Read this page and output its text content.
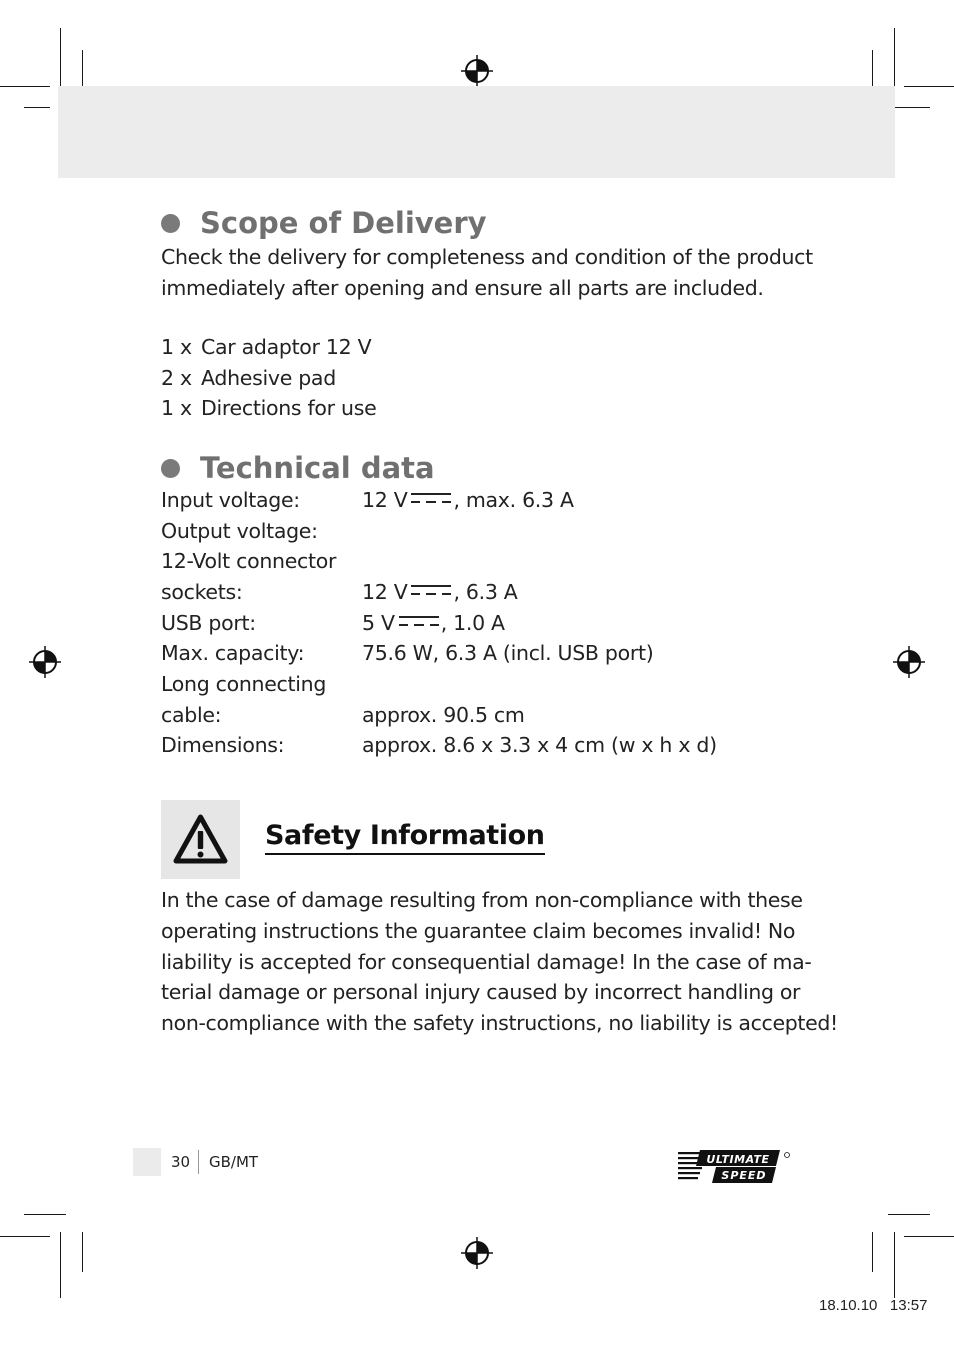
Scope of Delivery

Check the delivery for completeness and condition of the product

immediately after opening and ensure all parts are included.

1 x Car adaptor 12 V
2 x Adhesive pad
1 x Directions for use
Technical data
Input voltage:	12 V , max. 6.3 A
Output voltage:
12-Volt connector
sockets:	12 V , 6.3 A
USB port:	5 V , 1.0 A
Max. capacity:	75.6 W, 6.3 A (incl. USB port)
Long connecting
cable:	approx. 90.5 cm
Dimensions:	approx. 8.6 x 3.3 x 4 cm (w x h x d)
Safety Information

In the case of damage resulting from non-compliance with these

operating instructions the guarantee claim becomes invalid! No

liability is accepted for consequential damage! In the case of ma-

terial damage or personal injury caused by incorrect handling or

non-compliance with the safety instructions, no liability is accepted!

30 GB/MT	ULTIMATE
SPEED
18.10.10   13:57
